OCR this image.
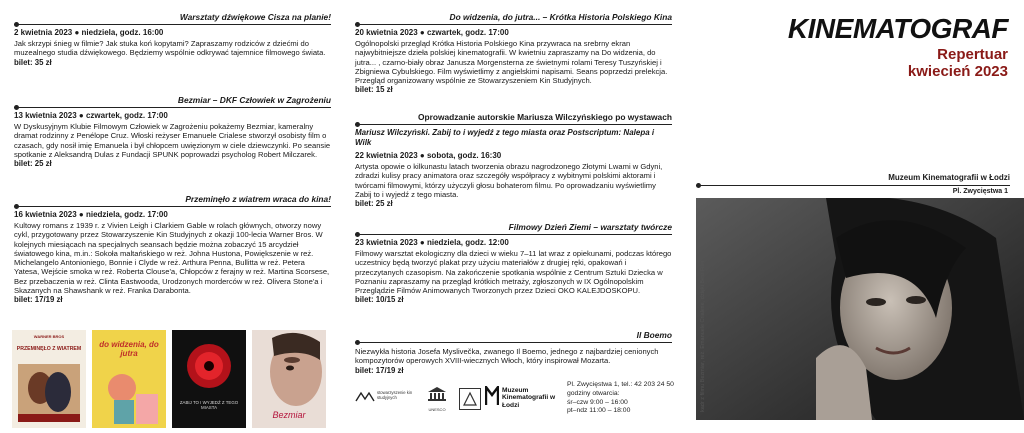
Warsztaty dźwiękowe Cisza na planie!
2 kwietnia 2023 ● niedziela, godz. 16:00
Jak skrzypi śnieg w filmie? Jak stuka koń kopytami? Zapraszamy rodziców z dziećmi do muzealnego studia dźwiękowego. Będziemy wspólnie odkrywać tajemnice filmowego świata.
bilet: 35 zł
Bezmiar – DKF Człowiek w Zagrożeniu
13 kwietnia 2023 ● czwartek, godz. 17:00
W Dyskusyjnym Klubie Filmowym Człowiek w Zagrożeniu pokażemy Bezmiar, kameralny dramat rodzinny z Penélope Cruz. Włoski reżyser Emanuele Crialese stworzył osobisty film o czasach, gdy nosił imię Emanuela i był chłopcem uwięzionym w ciele dziewczynki. Po seansie spotkanie z Aleksandrą Dulas z Fundacji SPUNK poprowadzi psycholog Robert Milczarek.
bilet: 25 zł
Przeminęło z wiatrem wraca do kina!
16 kwietnia 2023 ● niedziela, godz. 17:00
Kultowy romans z 1939 r. z Vivien Leigh i Clarkiem Gable w rolach głównych, otworzy nowy cykl, przygotowany przez Stowarzyszenie Kin Studyjnych z okazji 100-lecia Warner Bros. W kolejnych miesiącach na specjalnych seansach będzie można zobaczyć 15 arcydzieł światowego kina, m.in.: Sokoła maltańskiego w reż. Johna Hustona, Powiększenie w reż. Michelangelo Antonioniego, Bonnie i Clyde w reż. Arthura Penna, Bullitta w reż. Petera Yatesa, Wejście smoka w reż. Roberta Clouse'a, Chłopców z ferajny w reż. Martina Scorsese, Bez przebaczenia w reż. Clinta Eastwooda, Urodzonych morderców w reż. Olivera Stone'a i Skazanych na Shawshank w reż. Franka Darabonta.
bilet: 17/19 zł
WARNER BROS
PRZEMINĘŁO Z WIATREM	do widzenia, do jutra
ZABIJ TO I WYJEDŹ Z TEGO MIASTA
Bezmiar
Do widzenia, do jutra... – Krótka Historia Polskiego Kina
20 kwietnia 2023 ● czwartek, godz. 17:00
Ogólnopolski przegląd Krótka Historia Polskiego Kina przywraca na srebrny ekran najwybitniejsze dzieła polskiej kinematografii. W kwietniu zapraszamy na Do widzenia, do jutra... , czarno-biały obraz Janusza Morgensterna ze świetnymi rolami Teresy Tuszyńskiej i Zbigniewa Cybulskiego. Film wyświetlimy z angielskimi napisami. Seans poprzedzi prelekcja. Przegląd organizowany wspólnie ze Stowarzyszeniem Kin Studyjnych.
bilet: 15 zł
Oprowadzanie autorskie Mariusza Wilczyńskiego po wystawach
Mariusz Wilczyński. Zabij to i wyjedź z tego miasta oraz Postscriptum: Nalepa i Wilk
22 kwietnia 2023 ● sobota, godz. 16:30
Artysta opowie o kilkunastu latach tworzenia obrazu nagrodzonego Złotymi Lwami w Gdyni, zdradzi kulisy pracy animatora oraz szczegóły współpracy z wybitnymi polskimi aktorami i twórcami filmowymi, którzy użyczyli głosu bohaterom filmu. Po oprowadzaniu wyświetlimy Zabij to i wyjedź z tego miasta.
bilet: 25 zł
Filmowy Dzień Ziemi – warsztaty twórcze
23 kwietnia 2023 ● niedziela, godz. 12:00
Filmowy warsztat ekologiczny dla dzieci w wieku 7–11 lat wraz z opiekunami, podczas którego uczestnicy będą tworzyć plakat przy użyciu materiałów z drugiej ręki, opakowań i przeczytanych czasopism. Na zakończenie spotkania wspólnie z Centrum Sztuki Dziecka w Poznaniu zapraszamy na przegląd krótkich metraży, zgłoszonych w IX Ogólnopolskim Przeglądzie Filmów Animowanych Tworzonych przez Dzieci OKO KALEJDOSKOPU.
bilet: 10/15 zł
Il Boemo
Niezwykła historia Josefa Myslivečka, zwanego Il Boemo, jednego z najbardziej cenionych kompozytorów operowych XVIII-wiecznych Włoch, który inspirował Mozarta.
bilet: 17/19 zł
stowarzyszenie kin studyjnych
UNESCO
Muzeum Kinematografii w Łodzi
Pl. Zwycięstwa 1, tel.: 42 203 24 50
godziny otwarcia:
śr–czw 9:00 – 16:00
pt–ndz 11:00 – 18:00
KINEMATOGRAF
Repertuar
kwiecień 2023
Muzeum Kinematografii w Łodzi
Pl. Zwycięstwa 1
kadr z filmu Bezmiar, reż. Emanuele Crialese, dzięki Best Film
